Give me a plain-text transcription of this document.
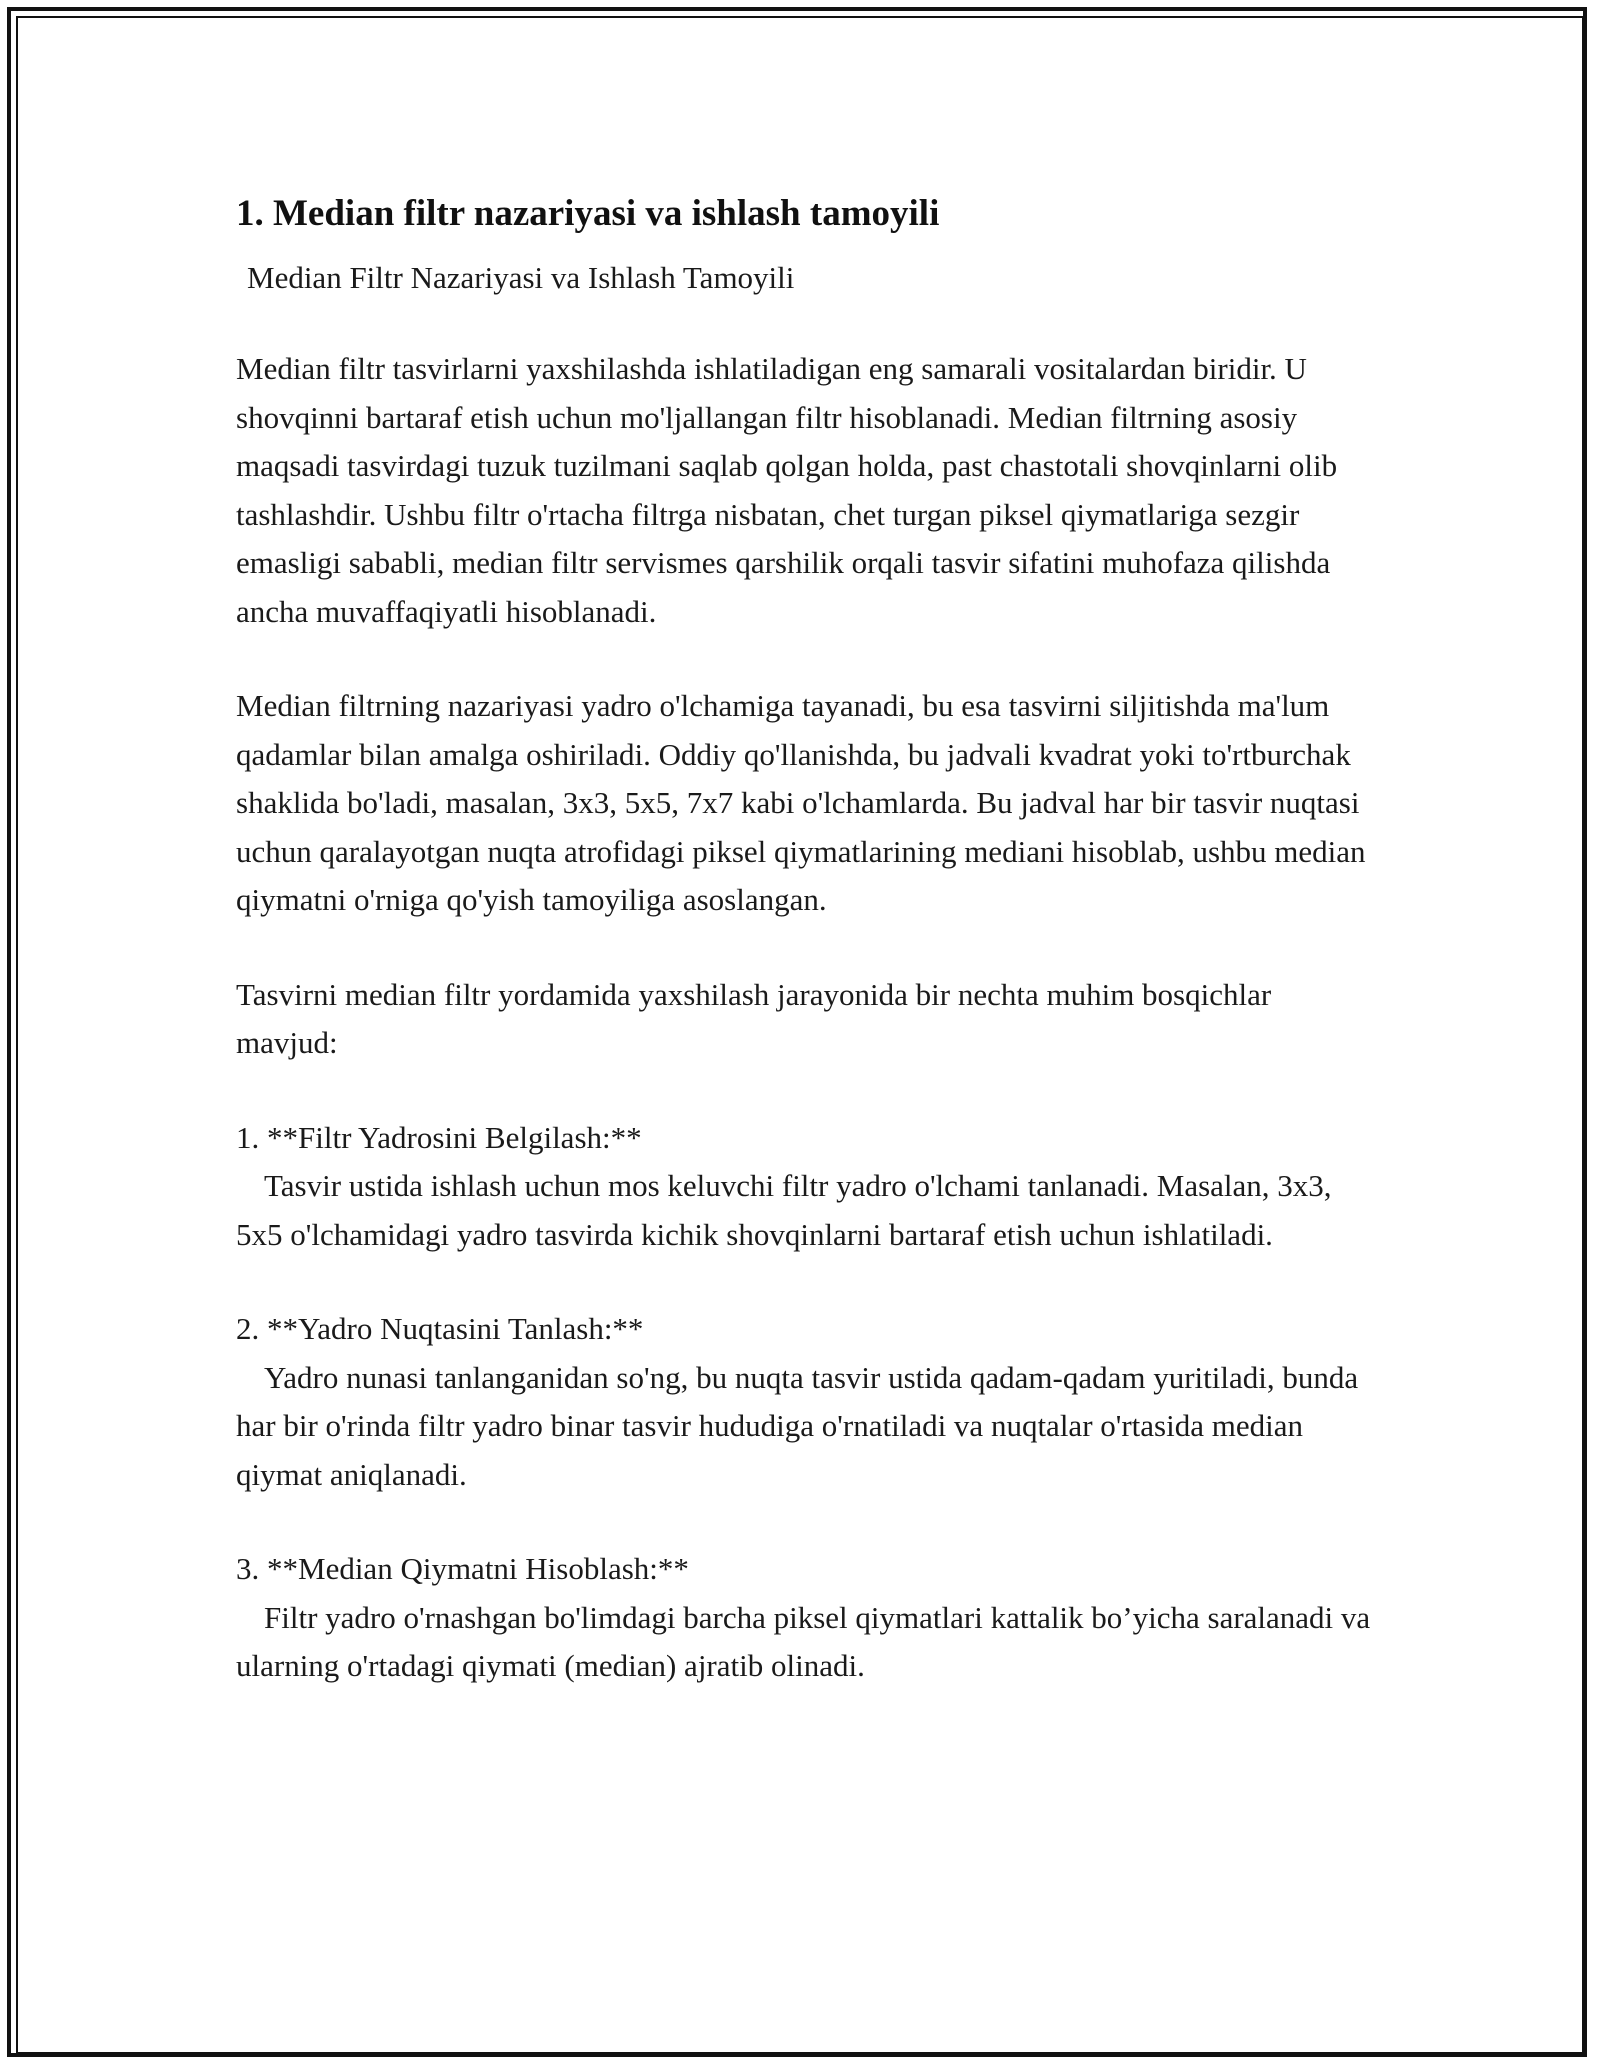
1. Median filtr nazariyasi va ishlash tamoyili

Median Filtr Nazariyasi va Ishlash Tamoyili

Median filtr tasvirlarni yaxshilashda ishlatiladigan eng samarali vositalardan biridir. U shovqinni bartaraf etish uchun mo'ljallangan filtr hisoblanadi. Median filtrning asosiy maqsadi tasvirdagi tuzuk tuzilmani saqlab qolgan holda, past chastotali shovqinlarni olib tashlashdir. Ushbu filtr o'rtacha filtrga nisbatan, chet turgan piksel qiymatlariga sezgir emasligi sababli, median filtr servismes qarshilik orqali tasvir sifatini muhofaza qilishda ancha muvaffaqiyatli hisoblanadi.

Median filtrning nazariyasi yadro o'lchamiga tayanadi, bu esa tasvirni siljitishda ma'lum qadamlar bilan amalga oshiriladi. Oddiy qo'llanishda, bu jadvali kvadrat yoki to'rtburchak shaklida bo'ladi, masalan, 3x3, 5x5, 7x7 kabi o'lchamlarda. Bu jadval har bir tasvir nuqtasi uchun qaralayotgan nuqta atrofidagi piksel qiymatlarining mediani hisoblab, ushbu median qiymatni o'rniga qo'yish tamoyiliga asoslangan.

Tasvirni median filtr yordamida yaxshilash jarayonida bir nechta muhim bosqichlar mavjud:

1. **Filtr Yadrosini Belgilash:**

Tasvir ustida ishlash uchun mos keluvchi filtr yadro o'lchami tanlanadi. Masalan, 3x3, 5x5 o'lchamidagi yadro tasvirda kichik shovqinlarni bartaraf etish uchun ishlatiladi.

2. **Yadro Nuqtasini Tanlash:**

Yadro nunasi tanlanganidan so'ng, bu nuqta tasvir ustida qadam-qadam yuritiladi, bunda har bir o'rinda filtr yadro binar tasvir hududiga o'rnatiladi va nuqtalar o'rtasida median qiymat aniqlanadi.

3. **Median Qiymatni Hisoblash:**

Filtr yadro o'rnashgan bo'limdagi barcha piksel qiymatlari kattalik bo’yicha saralanadi va ularning o'rtadagi qiymati (median) ajratib olinadi.
